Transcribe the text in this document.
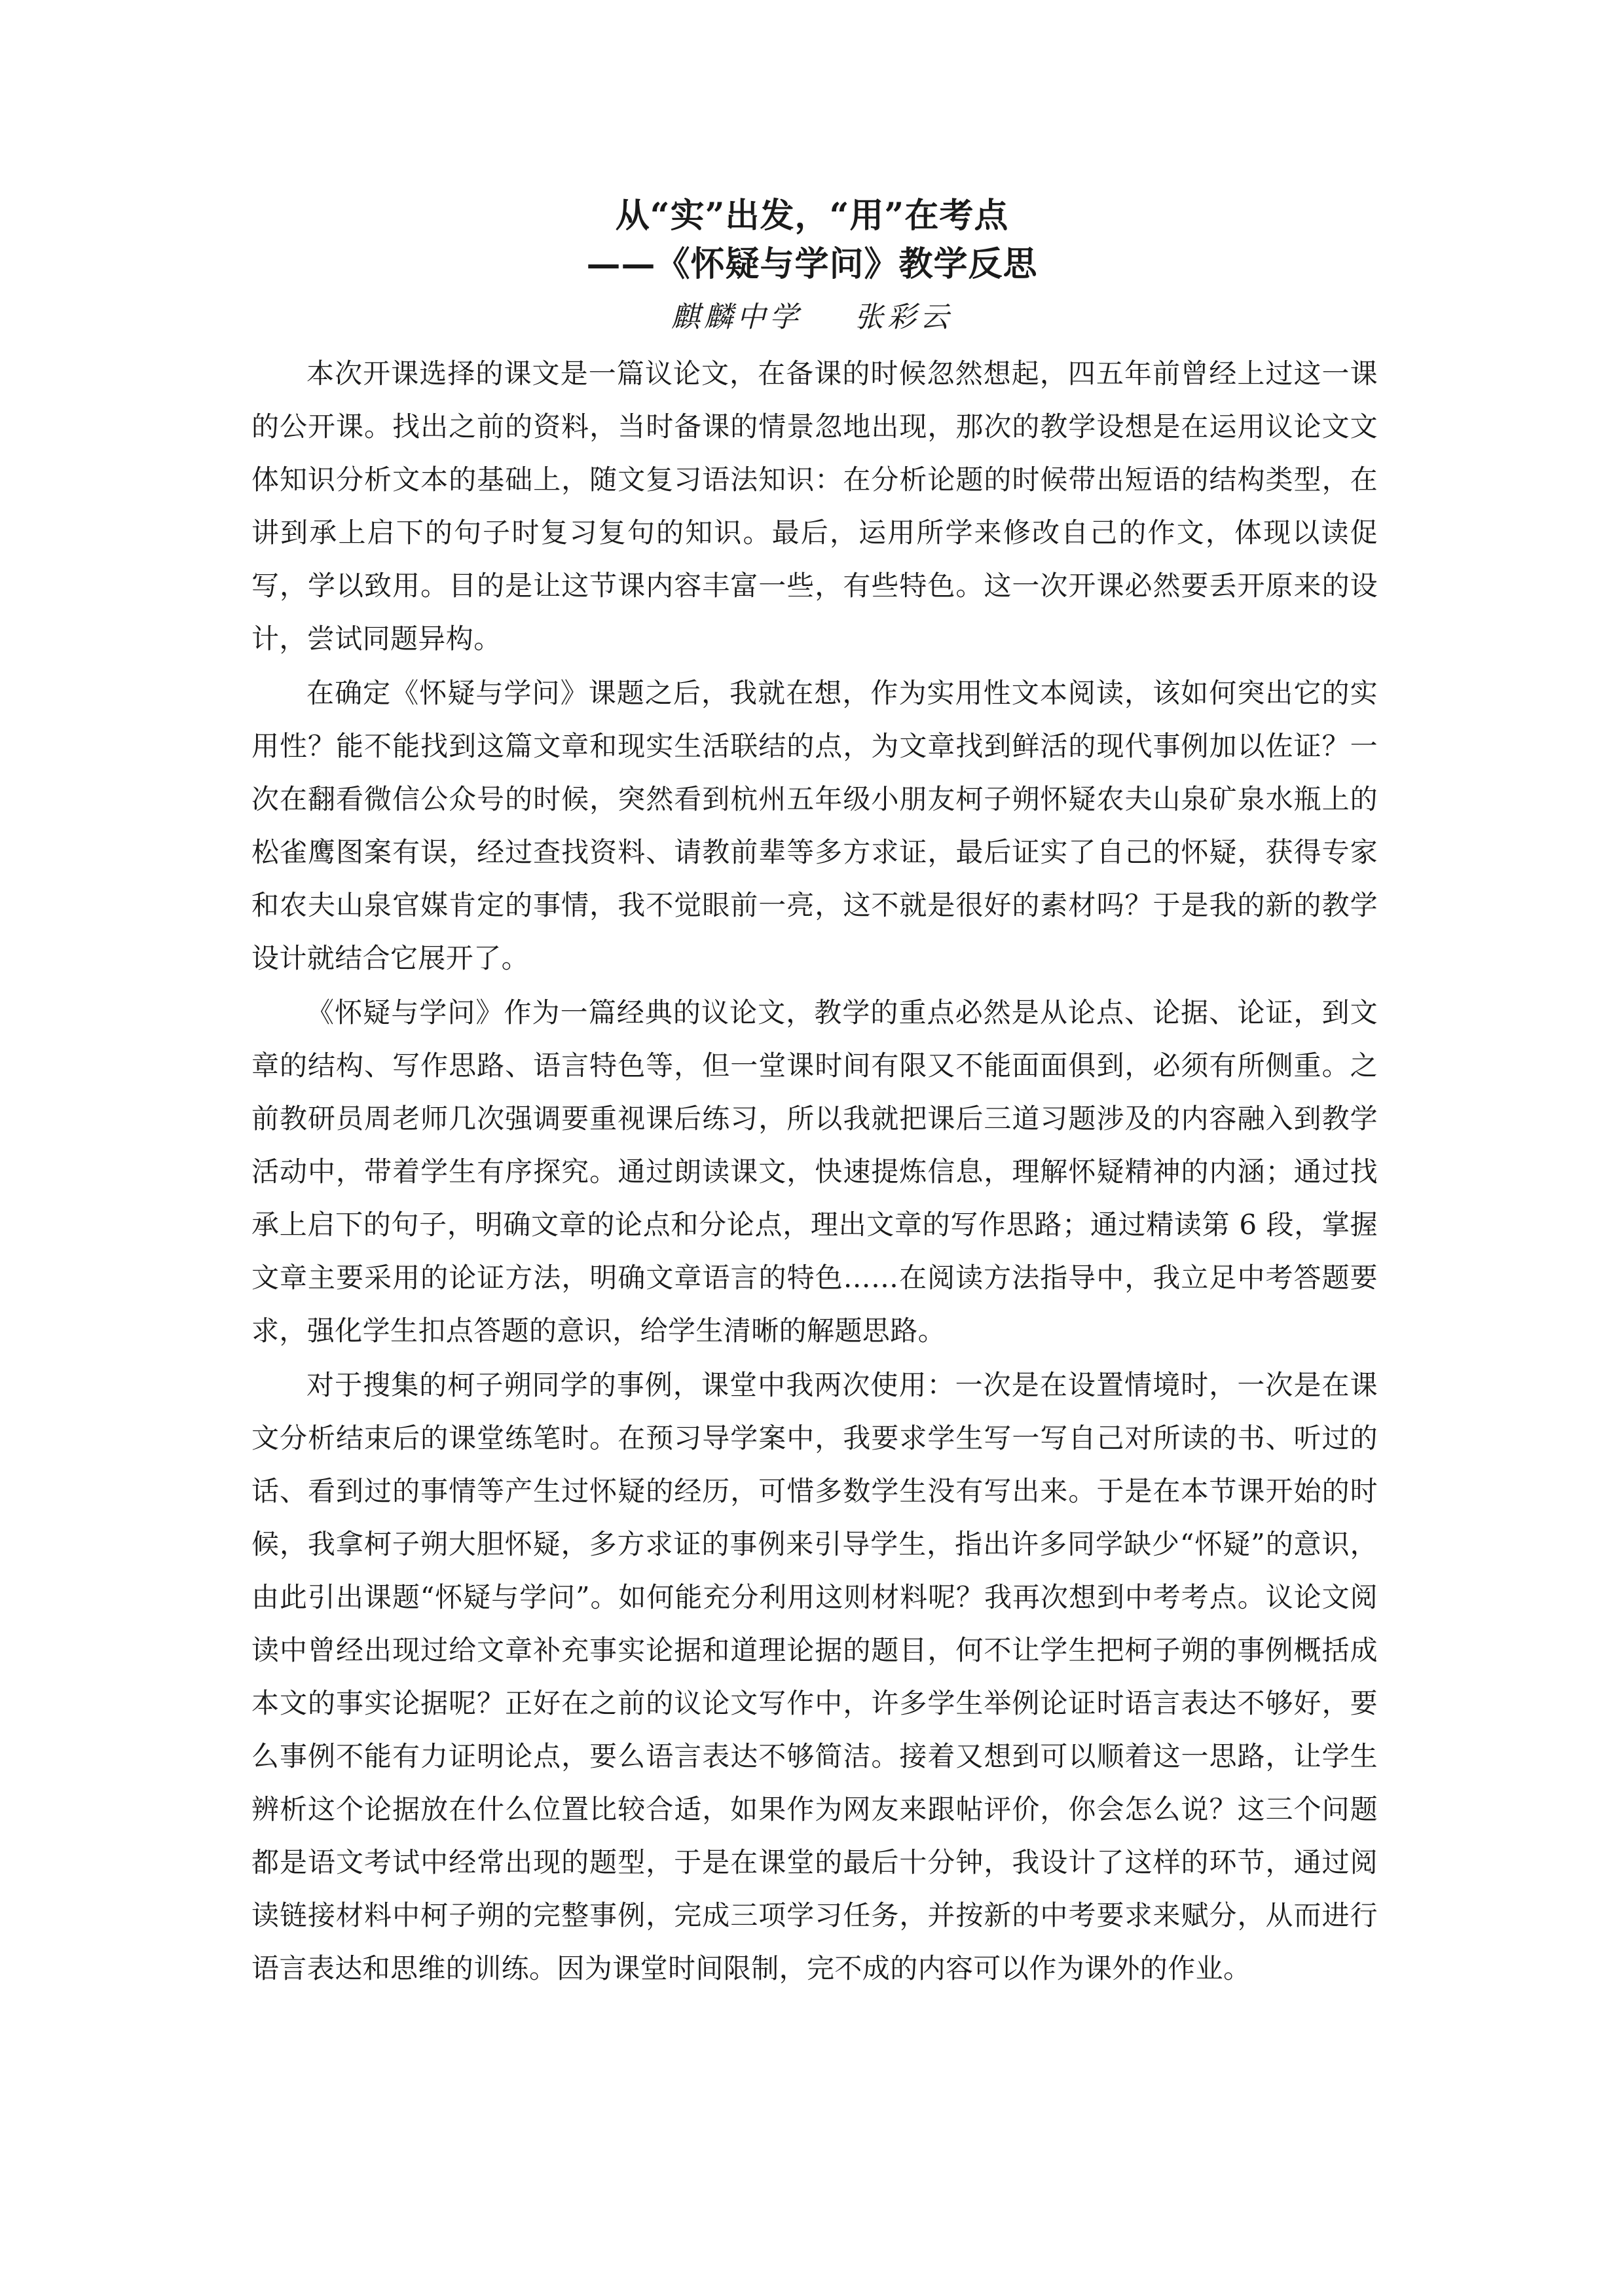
从“实”出发，“用”在考点
——《怀疑与学问》教学反思
麒麟中学 张彩云

本次开课选择的课文是一篇议论文，在备课的时候忽然想起，四五年前曾经上过这一课的公开课。找出之前的资料，当时备课的情景忽地出现，那次的教学设想是在运用议论文文体知识分析文本的基础上，随文复习语法知识：在分析论题的时候带出短语的结构类型，在讲到承上启下的句子时复习复句的知识。最后，运用所学来修改自己的作文，体现以读促写，学以致用。目的是让这节课内容丰富一些，有些特色。这一次开课必然要丢开原来的设计，尝试同题异构。

在确定《怀疑与学问》课题之后，我就在想，作为实用性文本阅读，该如何突出它的实用性？能不能找到这篇文章和现实生活联结的点，为文章找到鲜活的现代事例加以佐证？一次在翻看微信公众号的时候，突然看到杭州五年级小朋友柯子朔怀疑农夫山泉矿泉水瓶上的松雀鹰图案有误，经过查找资料、请教前辈等多方求证，最后证实了自己的怀疑，获得专家和农夫山泉官媒肯定的事情，我不觉眼前一亮，这不就是很好的素材吗？于是我的新的教学设计就结合它展开了。

《怀疑与学问》作为一篇经典的议论文，教学的重点必然是从论点、论据、论证，到文章的结构、写作思路、语言特色等，但一堂课时间有限又不能面面俱到，必须有所侧重。之前教研员周老师几次强调要重视课后练习，所以我就把课后三道习题涉及的内容融入到教学活动中，带着学生有序探究。通过朗读课文，快速提炼信息，理解怀疑精神的内涵；通过找承上启下的句子，明确文章的论点和分论点，理出文章的写作思路；通过精读第 6 段，掌握文章主要采用的论证方法，明确文章语言的特色……在阅读方法指导中，我立足中考答题要求，强化学生扣点答题的意识，给学生清晰的解题思路。

对于搜集的柯子朔同学的事例，课堂中我两次使用：一次是在设置情境时，一次是在课文分析结束后的课堂练笔时。在预习导学案中，我要求学生写一写自己对所读的书、听过的话、看到过的事情等产生过怀疑的经历，可惜多数学生没有写出来。于是在本节课开始的时候，我拿柯子朔大胆怀疑，多方求证的事例来引导学生，指出许多同学缺少“怀疑”的意识，由此引出课题“怀疑与学问”。如何能充分利用这则材料呢？我再次想到中考考点。议论文阅读中曾经出现过给文章补充事实论据和道理论据的题目，何不让学生把柯子朔的事例概括成本文的事实论据呢？正好在之前的议论文写作中，许多学生举例论证时语言表达不够好，要么事例不能有力证明论点，要么语言表达不够简洁。接着又想到可以顺着这一思路，让学生辨析这个论据放在什么位置比较合适，如果作为网友来跟帖评价，你会怎么说？这三个问题都是语文考试中经常出现的题型，于是在课堂的最后十分钟，我设计了这样的环节，通过阅读链接材料中柯子朔的完整事例，完成三项学习任务，并按新的中考要求来赋分，从而进行语言表达和思维的训练。因为课堂时间限制，完不成的内容可以作为课外的作业。
